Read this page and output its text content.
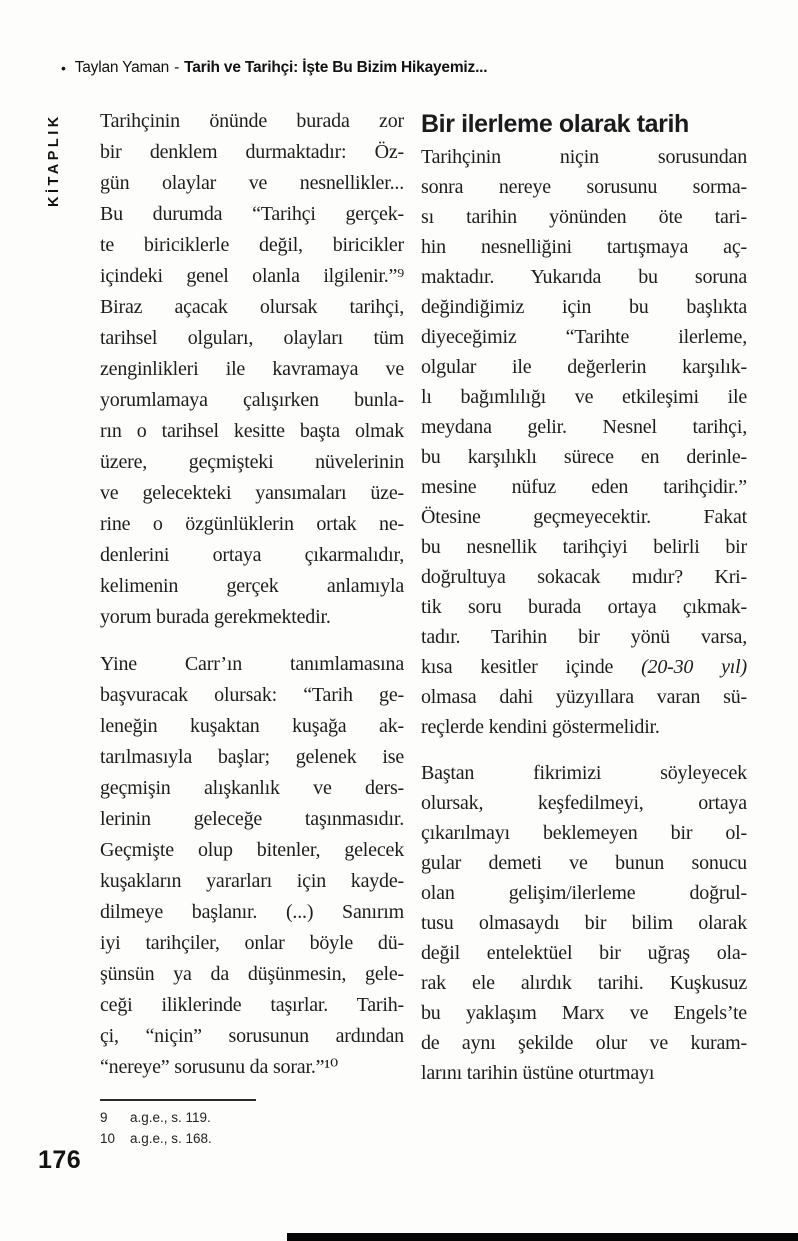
• Taylan Yaman - Tarih ve Tarihçi: İşte Bu Bizim Hikayemiz...
KİTAPLIK Tarihçinin önünde burada zor
bir denklem durmaktadır: Öz-
gün olaylar ve nesnellikler...
Bu durumda “Tarihçi gerçek-
te biriciklerle değil, biricikler
içindeki genel olanla ilgilenir.”⁹
Biraz açacak olursak tarihçi,
tarihsel olguları, olayları tüm
zenginlikleri ile kavramaya ve
yorumlamaya çalışırken bunla-
rın o tarihsel kesitte başta olmak
üzere, geçmişteki nüvelerinin
ve gelecekteki yansımaları üze-
rine o özgünlüklerin ortak ne-
denlerini ortaya çıkarmalıdır,
kelimenin gerçek anlamıyla
yorum burada gerekmektedir.
Yine Carr’ın tanımlamasına
başvuracak olursak: “Tarih ge-
leneğin kuşaktan kuşağa ak-
tarılmasıyla başlar; gelenek ise
geçmişin alışkanlık ve ders-
lerinin geleceğe taşınmasıdır.
Geçmişte olup bitenler, gelecek
kuşakların yararları için kayde-
dilmeye başlanır. (...) Sanırım
iyi tarihçiler, onlar böyle dü-
şünsün ya da düşünmesin, gele-
ceği iliklerinde taşırlar. Tarih-
çi, “niçin” sorusunun ardından
“nereye” sorusunu da sorar.”¹⁰
9	a.g.e., s. 119.
10	a.g.e., s. 168.
Bir ilerleme olarak tarih
Tarihçinin niçin sorusundan
sonra nereye sorusunu sorma-
sı tarihin yönünden öte tari-
hin nesnelliğini tartışmaya aç-
maktadır. Yukarıda bu soruna
değindiğimiz için bu başlıkta
diyeceğimiz “Tarihte ilerleme,
olgular ile değerlerin karşılık-
lı bağımlılığı ve etkileşimi ile
meydana gelir. Nesnel tarihçi,
bu karşılıklı sürece en derinle-
mesine nüfuz eden tarihçidir.”
Ötesine geçmeyecektir. Fakat
bu nesnellik tarihçiyi belirli bir
doğrultuya sokacak mıdır? Kri-
tik soru burada ortaya çıkmak-
tadır. Tarihin bir yönü varsa,
kısa kesitler içinde (20-30 yıl)
olmasa dahi yüzyıllara varan sü-
reçlerde kendini göstermelidir.
Baştan fikrimizi söyleyecek
olursak, keşfedilmeyi, ortaya
çıkarılmayı beklemeyen bir ol-
gular demeti ve bunun sonucu
olan gelişim/ilerleme doğrul-
tusu olmasaydı bir bilim olarak
değil entelektüel bir uğraş ola-
rak ele alırdık tarihi. Kuşkusuz
bu yaklaşım Marx ve Engels’te
de aynı şekilde olur ve kuram-
larını tarihin üstüne oturtmayı
176
